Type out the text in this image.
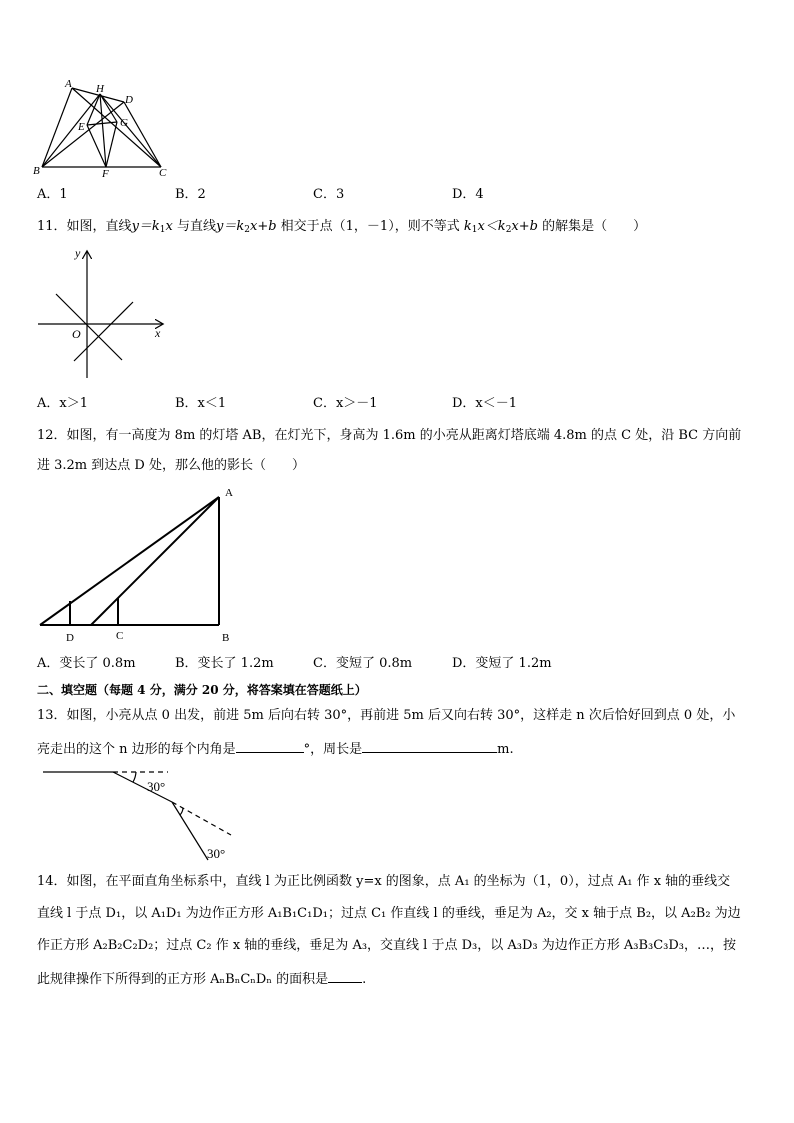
A H
D
E	G
B	F	C
A．1	B．2	C．3	D．4
11．如图，直线$y=k_1x$ 与直线$y=k_2x+b$ 相交于点（1，－1），则不等式 $k_1x<k_2x+b$ 的解集是（　　）
y
x
O
A．x＞1	B．x＜1	C．x＞－1	D．x＜－1
12．如图，有一高度为 8m 的灯塔 AB，在灯光下，身高为 1.6m 的小亮从距离灯塔底端 4.8m 的点 C 处，沿 BC 方向前
进 3.2m 到达点 D 处，那么他的影长（　　）
A
B
C
D
A．变长了 0.8m	B．变长了 1.2m	C．变短了 0.8m	D．变短了 1.2m
二、填空题（每题 4 分，满分 20 分，将答案填在答题纸上）
13．如图，小亮从点 0 出发，前进 5m 后向右转 30°，再前进 5m 后又向右转 30°，这样走 n 次后恰好回到点 0 处，小
亮走出的这个 n 边形的每个内角是	°，周长是	m.
30°
30°
14．如图，在平面直角坐标系中，直线 l 为正比例函数 y=x 的图象，点 A₁ 的坐标为（1，0），过点 A₁ 作 x 轴的垂线交
直线 l 于点 D₁，以 A₁D₁ 为边作正方形 A₁B₁C₁D₁；过点 C₁ 作直线 l 的垂线，垂足为 A₂，交 x 轴于点 B₂，以 A₂B₂ 为边
作正方形 A₂B₂C₂D₂；过点 C₂ 作 x 轴的垂线，垂足为 A₃，交直线 l 于点 D₃，以 A₃D₃ 为边作正方形 A₃B₃C₃D₃，…，按
此规律操作下所得到的正方形 AₙBₙCₙDₙ 的面积是	.
